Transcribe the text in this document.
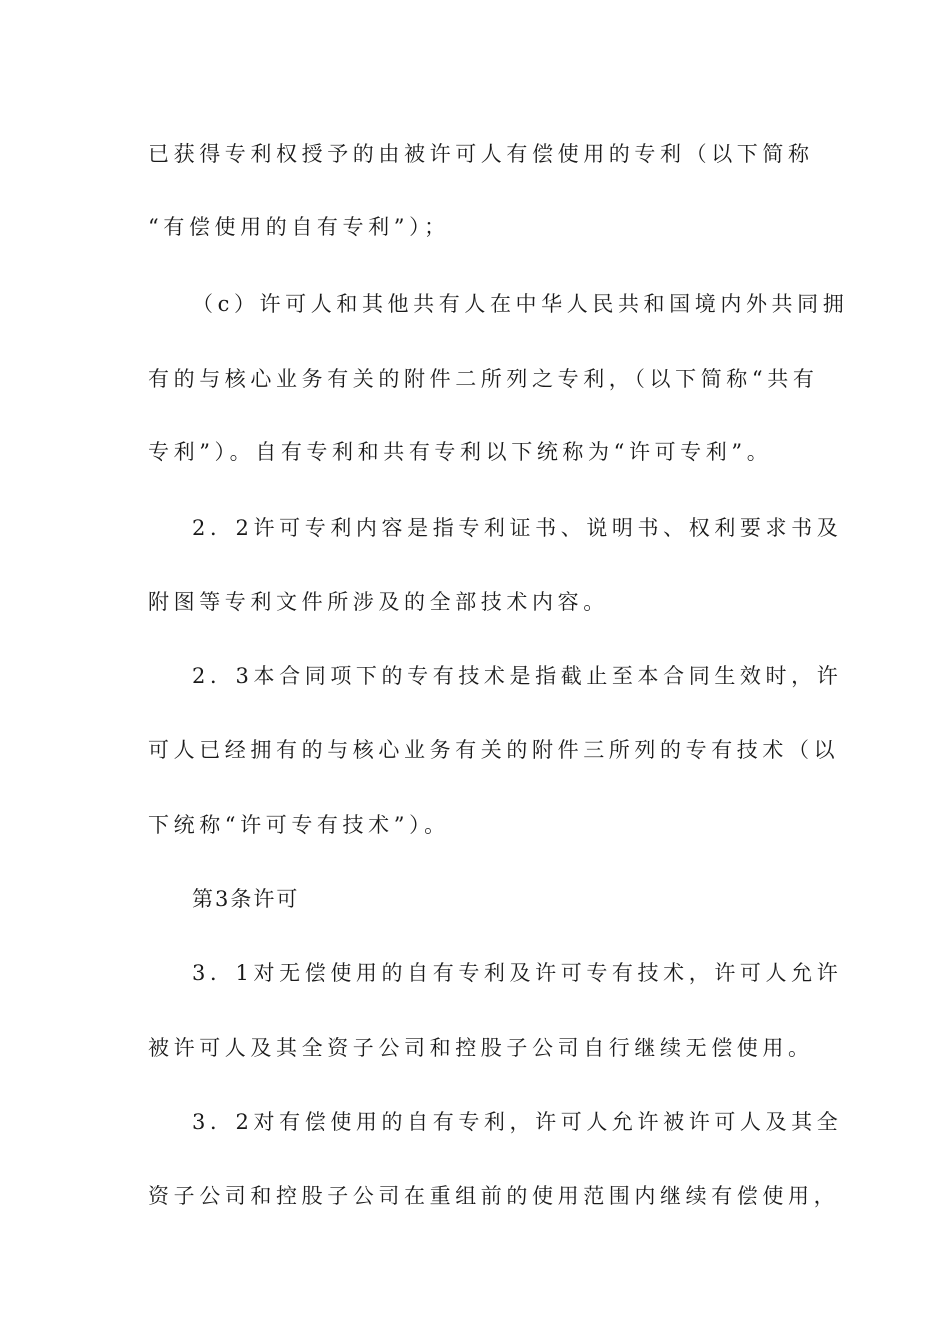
已获得专利权授予的由被许可人有偿使用的专利（以下简称
“有偿使用的自有专利”）；
（c）许可人和其他共有人在中华人民共和国境内外共同拥
有的与核心业务有关的附件二所列之专利，（以下简称“共有
专利”）。自有专利和共有专利以下统称为“许可专利”。
2．2许可专利内容是指专利证书、说明书、权利要求书及
附图等专利文件所涉及的全部技术内容。
2．3本合同项下的专有技术是指截止至本合同生效时，许
可人已经拥有的与核心业务有关的附件三所列的专有技术（以
下统称“许可专有技术”）。
第3条许可
3．1对无偿使用的自有专利及许可专有技术，许可人允许
被许可人及其全资子公司和控股子公司自行继续无偿使用。
3．2对有偿使用的自有专利，许可人允许被许可人及其全
资子公司和控股子公司在重组前的使用范围内继续有偿使用，
